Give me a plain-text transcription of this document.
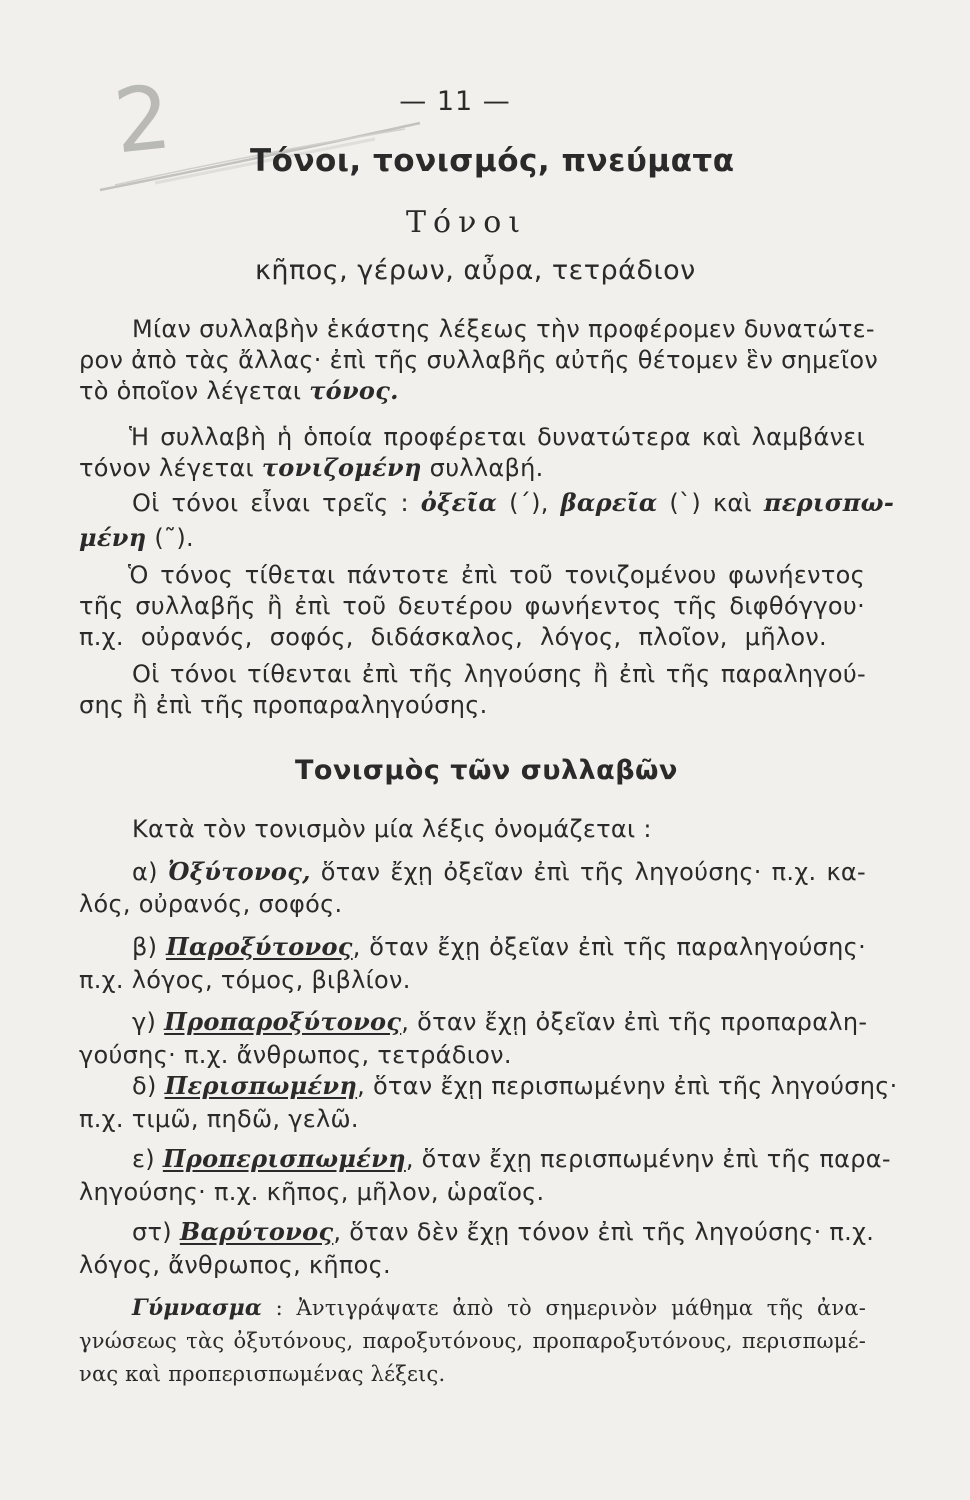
2	— 11 —
Τόνοι, τονισμός, πνεύματα
Τόνοι
κῆπος, γέρων, αὖρα, τετράδιον
Μίαν συλλαβὴν ἑκάστης λέξεως τὴν προφέρομεν δυνατώτε-
ρον ἀπὸ τὰς ἄλλας· ἐπὶ τῆς συλλαβῆς αὐτῆς θέτομεν ἓν σημεῖον
τὸ ὁποῖον λέγεται τόνος.
Ἡ συλλαβὴ ἡ ὁποία προφέρεται δυνατώτερα καὶ λαμβάνει
τόνον λέγεται τονιζομένη συλλαβή.
Οἱ τόνοι εἶναι τρεῖς : ὀξεῖα (΄), βαρεῖα (`) καὶ περισπω-
μένη (῀).
Ὁ τόνος τίθεται πάντοτε ἐπὶ τοῦ τονιζομένου φωνήεντος
τῆς συλλαβῆς ἢ ἐπὶ τοῦ δευτέρου φωνήεντος τῆς διφθόγγου·
π.χ. οὐρανός, σοφός, διδάσκαλος, λόγος, πλοῖον, μῆλον.
Οἱ τόνοι τίθενται ἐπὶ τῆς ληγούσης ἢ ἐπὶ τῆς παραληγού-
σης ἢ ἐπὶ τῆς προπαραληγούσης.
Τονισμὸς τῶν συλλαβῶν
Κατὰ τὸν τονισμὸν μία λέξις ὀνομάζεται :
α) Ὀξύτονος, ὅταν ἔχῃ ὀξεῖαν ἐπὶ τῆς ληγούσης· π.χ. κα-
λός, οὐρανός, σοφός.
β) Παροξύτονος, ὅταν ἔχῃ ὀξεῖαν ἐπὶ τῆς παραληγούσης·
π.χ. λόγος, τόμος, βιβλίον.
γ) Προπαροξύτονος, ὅταν ἔχῃ ὀξεῖαν ἐπὶ τῆς προπαραλη-
γούσης· π.χ. ἄνθρωπος, τετράδιον.
δ) Περισπωμένη, ὅταν ἔχῃ περισπωμένην ἐπὶ τῆς ληγούσης·
π.χ. τιμῶ, πηδῶ, γελῶ.
ε) Προπερισπωμένη, ὅταν ἔχῃ περισπωμένην ἐπὶ τῆς παρα-
ληγούσης· π.χ. κῆπος, μῆλον, ὡραῖος.
στ) Βαρύτονος, ὅταν δὲν ἔχῃ τόνον ἐπὶ τῆς ληγούσης· π.χ.
λόγος, ἄνθρωπος, κῆπος.
Γύμνασμα : Ἀντιγράψατε ἀπὸ τὸ σημερινὸν μάθημα τῆς ἀνα-
γνώσεως τὰς ὀξυτόνους, παροξυτόνους, προπαροξυτόνους, περισπωμέ-
νας καὶ προπερισπωμένας λέξεις.
